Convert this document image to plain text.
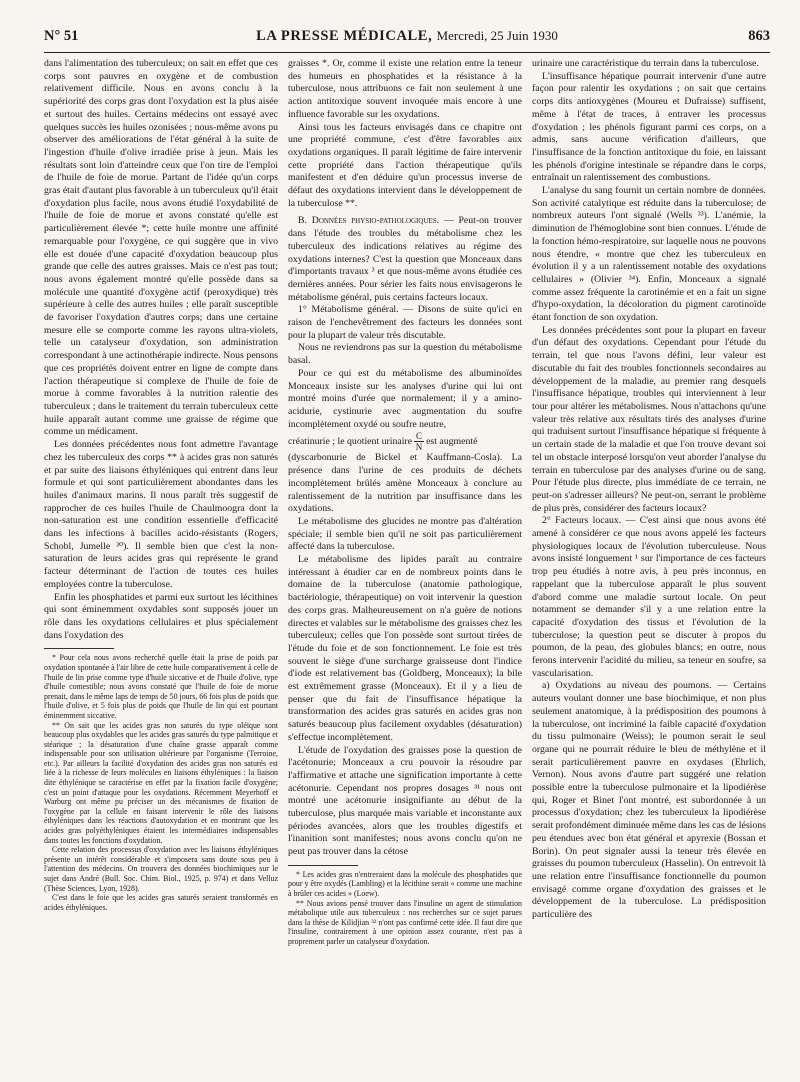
N° 51	LA PRESSE MÉDICALE, Mercredi, 25 Juin 1930	863

dans l'alimentation des tuberculeux; on sait en effet que ces corps sont pauvres en oxygène et de combustion relativement difficile. Nous en avons conclu à la supériorité des corps gras dont l'oxydation est la plus aisée et surtout des huiles. Certains médecins ont essayé avec quelques succès les huiles ozonisées ; nous-même avons pu observer des améliorations de l'état général à la suite de l'ingestion d'huile d'olive irradiée prise à jeun. Mais les résultats sont loin d'atteindre ceux que l'on tire de l'emploi de l'huile de foie de morue. Partant de l'idée qu'un corps gras était d'autant plus favorable à un tuberculeux qu'il était d'oxydation plus facile, nous avons étudié l'oxydabilité de l'huile de foie de morue et avons constaté qu'elle est particulièrement élevée *; cette huile montre une affinité remarquable pour l'oxygène, ce qui suggère que in vivo elle est douée d'une capacité d'oxydation beaucoup plus grande que celle des autres graisses. Mais ce n'est pas tout; nous avons également montré qu'elle possède dans sa molécule une quantité d'oxygène actif (peroxydique) très supérieure à celle des autres huiles ; elle paraît susceptible de favoriser l'oxydation d'autres corps; dans une certaine mesure elle se comporte comme les rayons ultra-violets, telle un catalyseur d'oxydation, son administration correspondant à une actinothérapie indirecte. Nous pensons que ces propriétés doivent entrer en ligne de compte dans l'action thérapeutique si complexe de l'huile de foie de morue à comme favorables à la nutrition ralentie des tuberculeux ; dans le traitement du terrain tuberculeux cette huile apparaît autant comme une graisse de régime que comme un médicament.

Les données précédentes nous font admettre l'avantage chez les tuberculeux des corps ** à acides gras non saturés et par suite des liaisons éthyléniques qui entrent dans leur formule et qui sont particulièrement abondantes dans les huiles d'animaux marins. Il nous paraît très suggestif de rapprocher de ces huiles l'huile de Chaulmoogra dont la non-saturation est une condition essentielle d'efficacité dans les infections à bacilles acido-résistants (Rogers, Schobl, Jumelle ³⁰). Il semble bien que c'est la non-saturation de leurs acides gras qui représente le grand facteur déterminant de l'action de toutes ces huiles employées contre la tuberculose.

Enfin les phosphatides et parmi eux surtout les lécithines qui sont éminemment oxydables sont supposés jouer un rôle dans les oxydations cellulaires et plus spécialement dans l'oxydation des

* Pour cela nous avons recherché quelle était la prise de poids par oxydation spontanée à l'air libre de cette huile comparativement à celle de l'huile de lin prise comme type d'huile siccative et de l'huile d'olive, type d'huile comestible; nous avons constaté que l'huile de foie de morue prenait, dans le même laps de temps de 50 jours, 66 fois plus de poids que l'huile d'olive, et 5 fois plus de poids que l'huile de lin qui est pourtant éminemment siccative.

** On sait que les acides gras non saturés du type oléique sont beaucoup plus oxydables que les acides gras saturés du type palmitique et stéarique ; la désaturation d'une chaîne grasse apparaît comme indispensable pour son utilisation ultérieure par l'organisme (Terroine, etc.). Par ailleurs la facilité d'oxydation des acides gras non saturés est liée à la richesse de leurs molécules en liaisons éthyléniques : la liaison dite éthylénique se caractérise en effet par la fixation facile d'oxygène; c'est un point d'attaque pour les oxydations. Récemment Meyerhoff et Warburg ont même pu préciser un des mécanismes de fixation de l'oxygène par la cellule en faisant intervenir le rôle des liaisons éthyléniques dans les réactions d'autoxydation et en montrant que les acides gras polyéthyléniques étaient les intermédiaires indispensables dans toutes les fonctions d'oxydation.

Cette relation des processus d'oxydation avec les liaisons éthyléniques présente un intérêt considérable et s'imposera sans doute sous peu à l'attention des médecins. On trouvera des données biochimiques sur le sujet dans André (Bull. Soc. Chim. Biol., 1925, p. 974) et dans Velluz (Thèse Sciences, Lyon, 1928).

C'est dans le foie que les acides gras saturés seraient transformés en acides éthyléniques.

graisses *. Or, comme il existe une relation entre la teneur des humeurs en phosphatides et la résistance à la tuberculose, nous attribuons ce fait non seulement à une action antitoxique souvent invoquée mais encore à une influence favorable sur les oxydations.

Ainsi tous les facteurs envisagés dans ce chapitre ont une propriété commune, c'est d'être favorables aux oxydations organiques. Il paraît légitime de faire intervenir cette propriété dans l'action thérapeutique qu'ils manifestent et d'en déduire qu'un processus inverse de défaut des oxydations intervient dans le développement de la tuberculose **.

B. Données physio-pathologiques. — Peut-on trouver dans l'étude des troubles du métabolisme chez les tuberculeux des indications relatives au régime des oxydations internes? C'est la question que Monceaux dans d'importants travaux ³ et que nous-même avons étudiée ces dernières années. Pour sérier les faits nous envisagerons le métabolisme général, puis certains facteurs locaux.

1° Métabolisme général. — Disons de suite qu'ici en raison de l'enchevêtrement des facteurs les données sont pour la plupart de valeur très discutable.

Nous ne reviendrons pas sur la question du métabolisme basal.

Pour ce qui est du métabolisme des albuminoïdes Monceaux insiste sur les analyses d'urine qui lui ont montré moins d'urée que normalement; il y a amino-acidurie, cystinurie avec augmentation du soufre incomplètement oxydé ou soufre neutre,

créatinurie ; le quotient urinaire $\frac{C}{N}$ est augmenté

(dyscarbonurie de Bickel et Kauffmann-Cosla). La présence dans l'urine de ces produits de déchets incomplètement brûlés amène Monceaux à conclure au ralentissement de la nutrition par insuffisance dans les oxydations.

Le métabolisme des glucides ne montre pas d'altération spéciale; il semble bien qu'il ne soit pas particulièrement affecté dans la tuberculose.

Le métabolisme des lipides paraît au contraire intéressant à étudier car en de nombreux points dans le domaine de la tuberculose (anatomie pathologique, bactériologie, thérapeutique) on voit intervenir la question des corps gras. Malheureusement on n'a guère de notions directes et valables sur le métabolisme des graisses chez les tuberculeux; celles que l'on possède sont surtout tirées de l'étude du foie et de son fonctionnement. Le foie est très souvent le siège d'une surcharge graisseuse dont l'indice d'iode est relativement bas (Goldberg, Monceaux); la bile est extrêmement grasse (Monceaux). Et il y a lieu de penser que du fait de l'insuffisance hépatique la transformation des acides gras saturés en acides gras non saturés beaucoup plus facilement oxydables (désaturation) s'effectue incomplètement.

L'étude de l'oxydation des graisses pose la question de l'acétonurie; Monceaux a cru pouvoir la résoudre par l'affirmative et attache une signification importante à cette acétonurie. Cependant nos propres dosages ³¹ nous ont montré une acétonurie insignifiante au début de la tuberculose, plus marquée mais variable et inconstante aux périodes avancées, alors que les troubles digestifs et l'inanition sont manifestes; nous avons conclu qu'on ne peut pas trouver dans la cétose

* Les acides gras n'entreraient dans la molécule des phosphatides que pour y être oxydés (Lambling) et la lécithine serait « comme une machine à brûler ces acides » (Loew).

** Nous avions pensé trouver dans l'insuline un agent de stimulation métabolique utile aux tuberculeux : nos recherches sur ce sujet parues dans la thèse de Kilidjian ³² n'ont pas confirmé cette idée. Il faut dire que l'insuline, contrairement à une opinion assez courante, n'est pas à proprement parler un catalyseur d'oxydation.

urinaire une caractéristique du terrain dans la tuberculose.

L'insuffisance hépatique pourrait intervenir d'une autre façon pour ralentir les oxydations ; on sait que certains corps dits antioxygènes (Moureu et Dufraisse) suffisent, même à l'état de traces, à entraver les processus d'oxydation ; les phénols figurant parmi ces corps, on a admis, sans aucune vérification d'ailleurs, que l'insuffisance de la fonction antitoxique du foie, en laissant les phénols d'origine intestinale se répandre dans le corps, entraînait un ralentissement des combustions.

L'analyse du sang fournit un certain nombre de données. Son activité catalytique est réduite dans la tuberculose; de nombreux auteurs l'ont signalé (Wells ³³). L'anémie, la diminution de l'hémoglobine sont bien connues. L'étude de la fonction hémo-respiratoire, sur laquelle nous ne pouvons nous étendre, « montre que chez les tuberculeux en évolution il y a un ralentissement notable des oxydations cellulaires » (Olivier ³⁴). Enfin, Monceaux a signalé comme assez fréquente la carotinémie et en a fait un signe d'hypo-oxydation, la décoloration du pigment carotinoïde étant fonction de son oxydation.

Les données précédentes sont pour la plupart en faveur d'un défaut des oxydations. Cependant pour l'étude du terrain, tel que nous l'avons défini, leur valeur est discutable du fait des troubles fonctionnels secondaires au développement de la maladie, au premier rang desquels l'insuffisance hépatique, troubles qui interviennent à leur tour pour altérer les métabolismes. Nous n'attachons qu'une valeur très relative aux résultats tirés des analyses d'urine qui traduisent surtout l'insuffisance hépatique si fréquente à un certain stade de la maladie et que l'on trouve devant soi tel un obstacle interposé lorsqu'on veut aborder l'analyse du terrain en tuberculose par des analyses d'urine ou de sang. Pour l'étude plus directe, plus immédiate de ce terrain, ne peut-on s'adresser ailleurs? Ne peut-on, serrant le problème de plus près, considérer des facteurs locaux?

2° Facteurs locaux. — C'est ainsi que nous avons été amené à considérer ce que nous avons appelé les facteurs physiologiques locaux de l'évolution tuberculeuse. Nous avons insisté longuement ¹ sur l'importance de ces facteurs trop peu étudiés à notre avis, à peu près inconnus, en rappelant que la tuberculose apparaît le plus souvent d'abord comme une maladie surtout locale. On peut notamment se demander s'il y a une relation entre la capacité d'oxydation des tissus et l'évolution de la tuberculose; la question peut se discuter à propos du poumon, de la peau, des globules blancs; en outre, nous ferons intervenir l'acidité du milieu, sa teneur en soufre, sa vascularisation.

a) Oxydations au niveau des poumons. — Certains auteurs voulant donner une base biochimique, et non plus seulement anatomique, à la prédisposition des poumons à la tuberculose, ont incriminé la faible capacité d'oxydation du tissu pulmonaire (Weiss); le poumon serait le seul organe qui ne pourrait réduire le bleu de méthylène et il serait particulièrement pauvre en oxydases (Ehrlich, Vernon). Nous avons d'autre part suggéré une relation possible entre la tuberculose pulmonaire et la lipodiérèse qui, Roger et Binet l'ont montré, est subordonnée à un processus d'oxydation; chez les tuberculeux la lipodiérèse serait profondément diminuée même dans les cas de lésions peu étendues avec bon état général et apyrexie (Bossan et Borin). On peut signaler aussi la teneur très élevée en graisses du poumon tuberculeux (Hasselin). On entrevoit là une relation entre l'insuffisance fonctionnelle du poumon envisagé comme organe d'oxydation des graisses et le développement de la tuberculose. La prédisposition particulière des
